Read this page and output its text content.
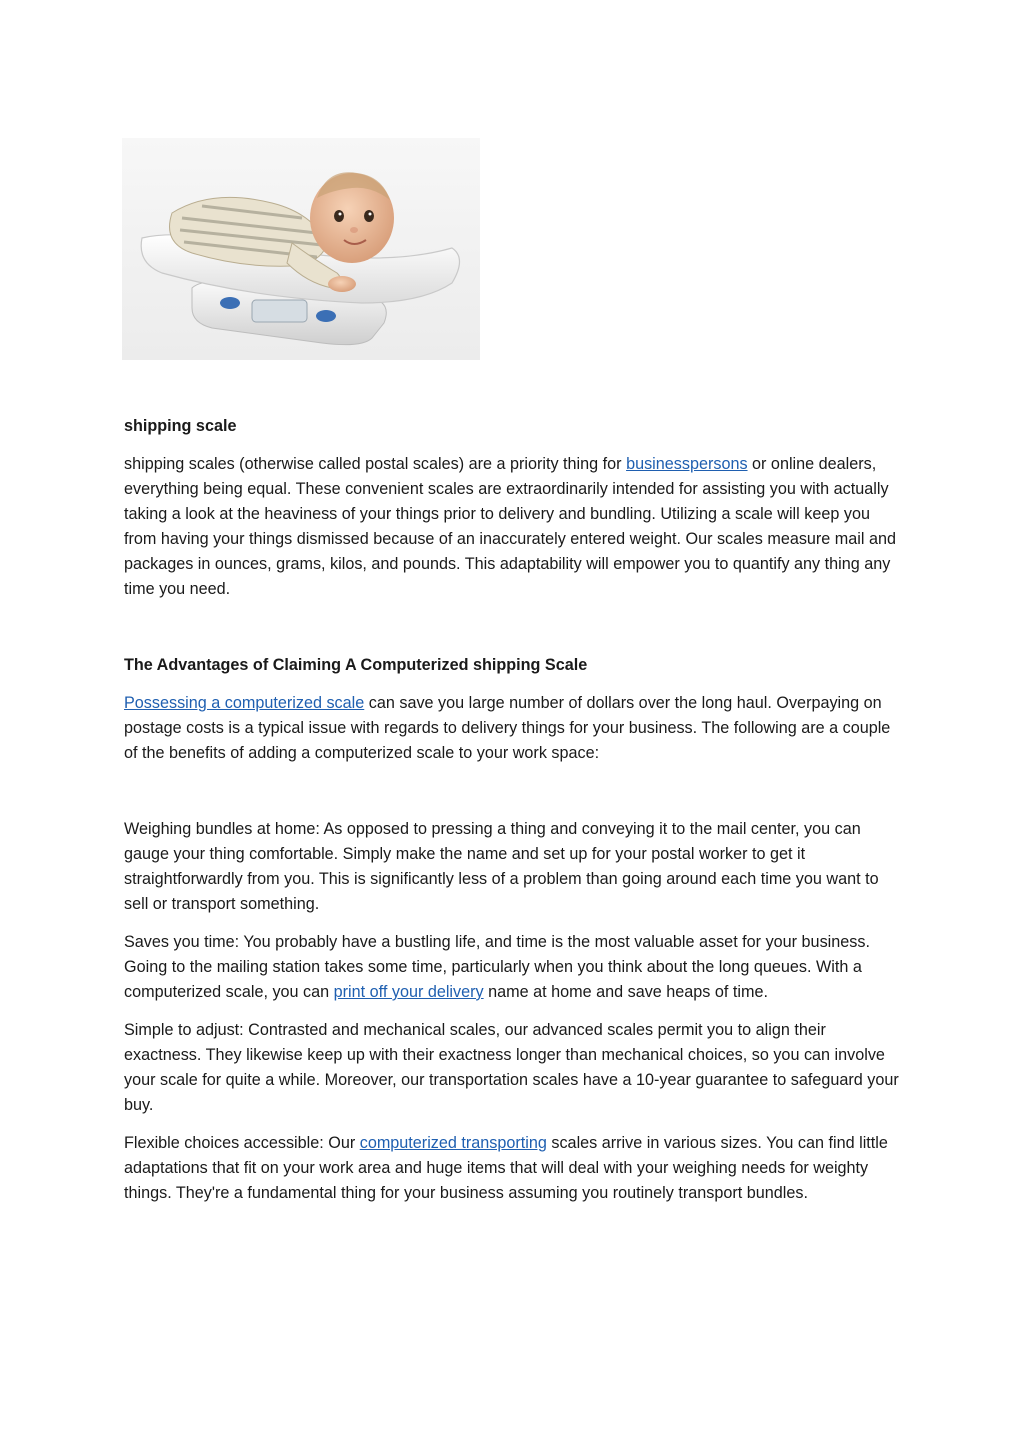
shipping scale

shipping scales (otherwise called postal scales) are a priority thing for businesspersons or online dealers, everything being equal. These convenient scales are extraordinarily intended for assisting you with actually taking a look at the heaviness of your things prior to delivery and bundling. Utilizing a scale will keep you from having your things dismissed because of an inaccurately entered weight. Our scales measure mail and packages in ounces, grams, kilos, and pounds. This adaptability will empower you to quantify any thing any time you need.

The Advantages of Claiming A Computerized shipping Scale

Possessing a computerized scale can save you large number of dollars over the long haul. Overpaying on postage costs is a typical issue with regards to delivery things for your business. The following are a couple of the benefits of adding a computerized scale to your work space:

Weighing bundles at home: As opposed to pressing a thing and conveying it to the mail center, you can gauge your thing comfortable. Simply make the name and set up for your postal worker to get it straightforwardly from you. This is significantly less of a problem than going around each time you want to sell or transport something.

Saves you time: You probably have a bustling life, and time is the most valuable asset for your business. Going to the mailing station takes some time, particularly when you think about the long queues. With a computerized scale, you can print off your delivery name at home and save heaps of time.

Simple to adjust: Contrasted and mechanical scales, our advanced scales permit you to align their exactness. They likewise keep up with their exactness longer than mechanical choices, so you can involve your scale for quite a while. Moreover, our transportation scales have a 10-year guarantee to safeguard your buy.

Flexible choices accessible: Our computerized transporting scales arrive in various sizes. You can find little adaptations that fit on your work area and huge items that will deal with your weighing needs for weighty things. They're a fundamental thing for your business assuming you routinely transport bundles.
